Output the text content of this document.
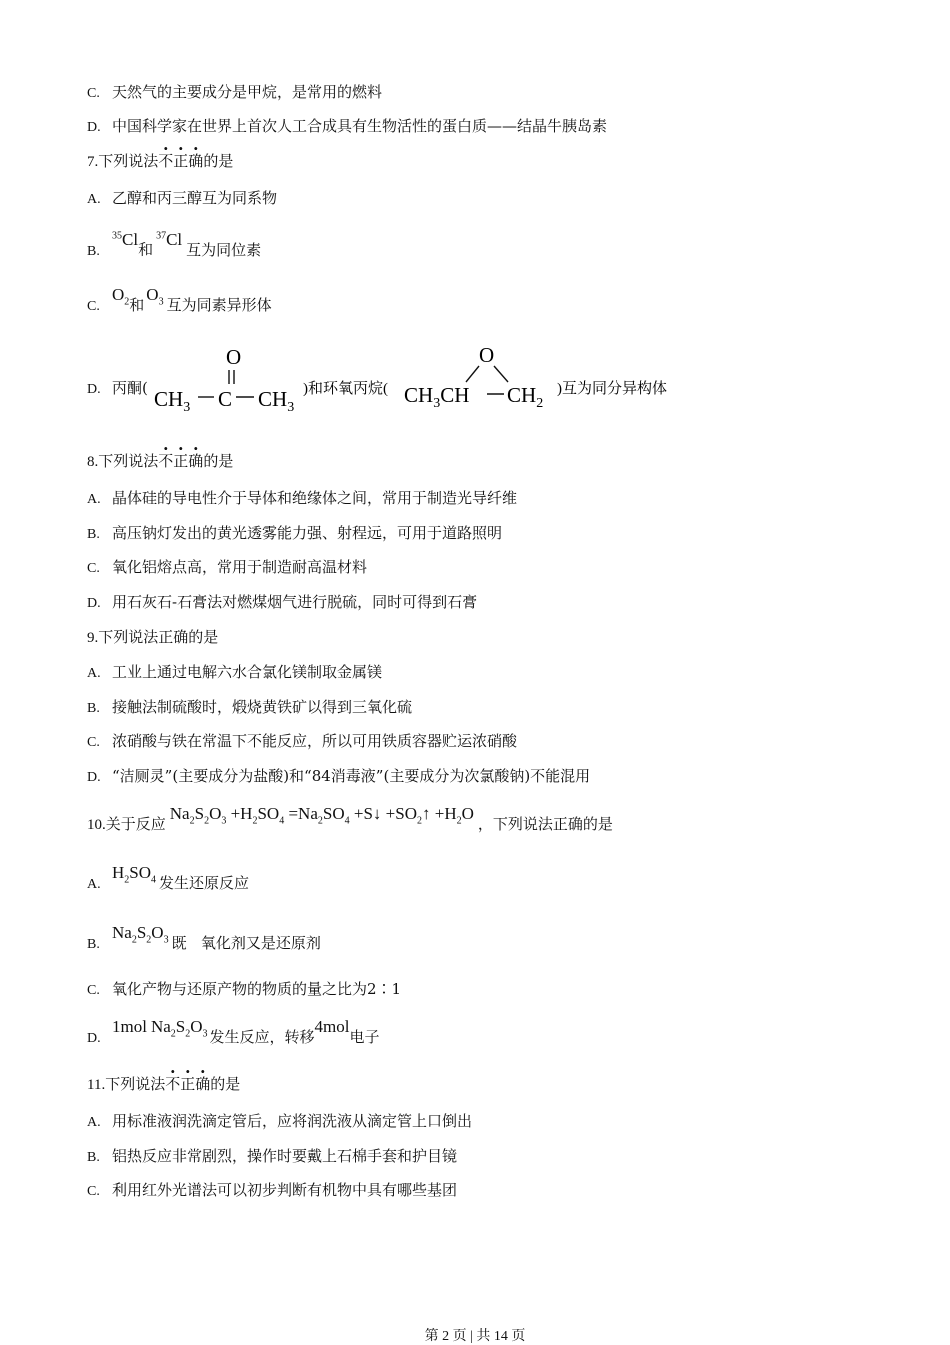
C. 天然气的主要成分是甲烷，是常用的燃料
D. 中国科学家在世界上首次人工合成具有生物活性的蛋白质——结晶牛胰岛素
7.下列说法不正确的是
A. 乙醇和丙三醇互为同系物
B.$^{35}$Cl和$^{37}$Cl互为同位素
$C.O_2$和$O_3$ 互为同素异形体
D. 丙酮(
O
$CH_3$ C $CH_3$
)和环氧丙烷(
O
$CH_3CH$ $CH_2$
)互为同分异构体
8.下列说法不正确的是
A. 晶体硅的导电性介于导体和绝缘体之间，常用于制造光导纤维
B. 高压钠灯发出的黄光透雾能力强、射程远，可用于道路照明
C. 氧化铝熔点高，常用于制造耐高温材料
D. 用石灰石-石膏法对燃煤烟气进行脱硫，同时可得到石膏
9.下列说法正确的是
A. 工业上通过电解六水合氯化镁制取金属镁
B. 接触法制硫酸时，煅烧黄铁矿以得到三氧化硫
C. 浓硝酸与铁在常温下不能反应，所以可用铁质容器贮运浓硝酸
D. “洁厕灵”(主要成分为盐酸)和“84消毒液”(主要成分为次氯酸钠)不能混用
10.关于反应$Na_2S_2O_3 +H_2SO_4 =Na_2SO_4$ +S↓ $+SO_2↑ +H_2O$，下列说法正确的是
$A.H_2SO_4$ 发生还原反应
$B.Na_2S_2O_3$ 既   氧化剂又是还原剂
C. 氧化产物与还原产物的物质的量之比为2∶1
D.1mol $Na_2S_2O_3$ 发生反应，转移4mol电子
11.下列说法不正确的是
A. 用标准液润洗滴定管后，应将润洗液从滴定管上口倒出
B. 铝热反应非常剧烈，操作时要戴上石棉手套和护目镜
C. 利用红外光谱法可以初步判断有机物中具有哪些基团
第 2 页 | 共 14 页
